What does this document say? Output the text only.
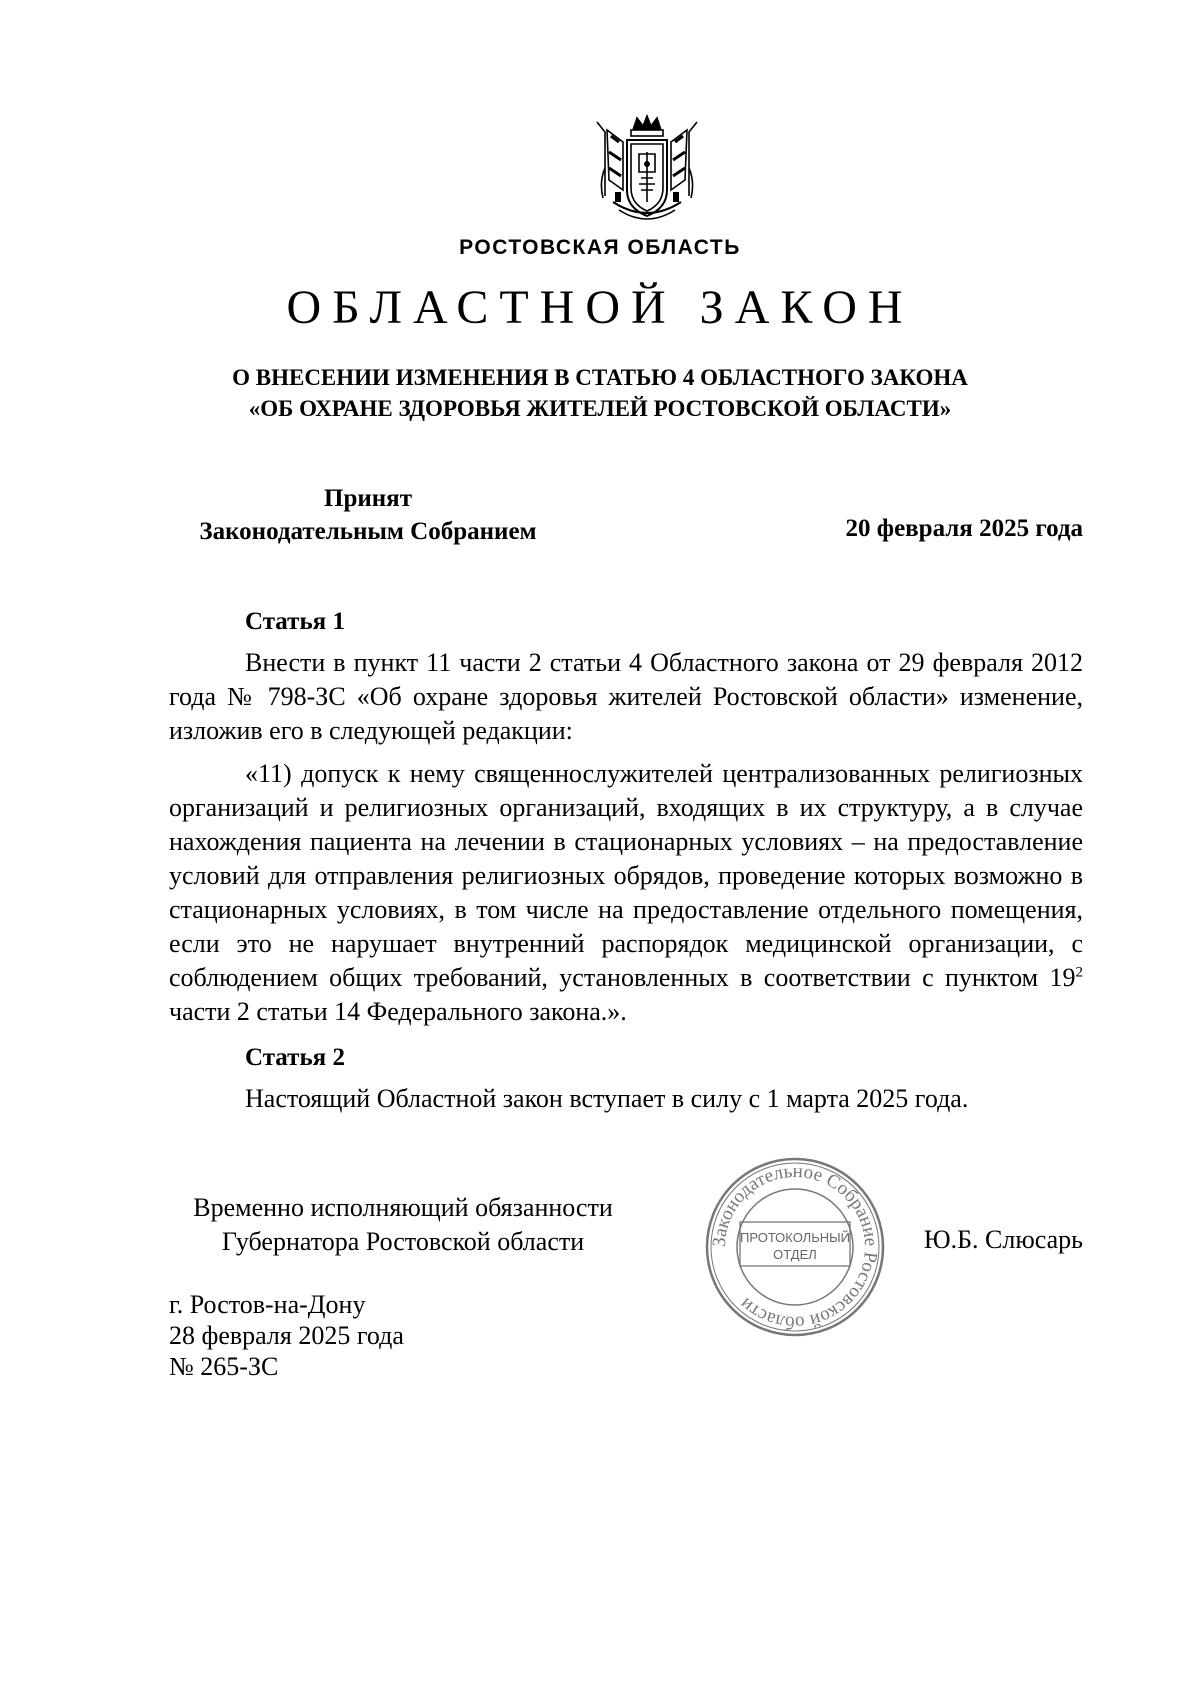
РОСТОВСКАЯ ОБЛАСТЬ
ОБЛАСТНОЙ ЗАКОН
О ВНЕСЕНИИ ИЗМЕНЕНИЯ В СТАТЬЮ 4 ОБЛАСТНОГО ЗАКОНА
«ОБ ОХРАНЕ ЗДОРОВЬЯ ЖИТЕЛЕЙ РОСТОВСКОЙ ОБЛАСТИ»
Принят
Законодательным Собранием	20 февраля 2025 года
Статья 1

Внести в пункт 11 части 2 статьи 4 Областного закона от 29 февраля 2012 года № 798-ЗС «Об охране здоровья жителей Ростовской области» изменение, изложив его в следующей редакции:

«11) допуск к нему священнослужителей централизованных религиозных организаций и религиозных организаций, входящих в их структуру, а в случае нахождения пациента на лечении в стационарных условиях – на предоставление условий для отправления религиозных обрядов, проведение которых возможно в стационарных условиях, в том числе на предоставление отдельного помещения, если это не нарушает внутренний распорядок медицинской организации, с соблюдением общих требований, установленных в соответствии с пунктом $19^2$ части 2 статьи 14 Федерального закона.».

Статья 2

Настоящий Областной закон вступает в силу с 1 марта 2025 года.

Временно исполняющий обязанности
Губернатора Ростовской области	Законодательное Собрание Ростовской области
ПРОТОКОЛЬНЫЙ
ОТДЕЛ
Ю.Б. Слюсарь
г. Ростов-на-Дону
28 февраля 2025 года
№ 265-ЗС
